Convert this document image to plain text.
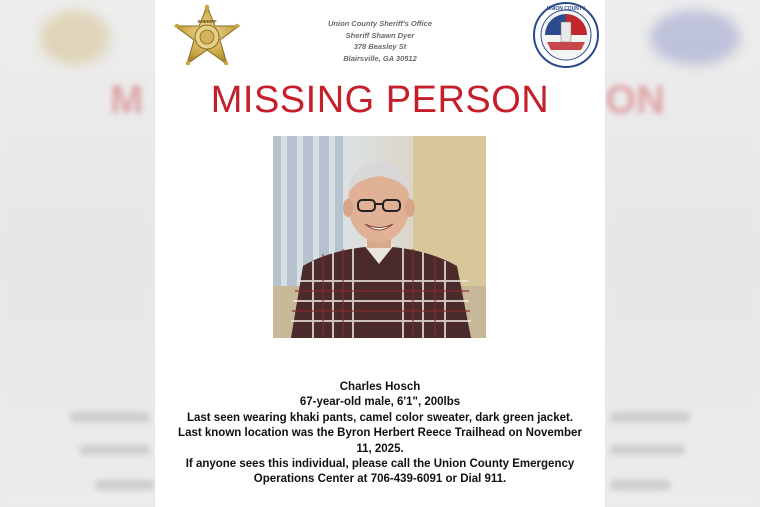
M	ON
SHERIFF	Union County Sheriff's Office
Sheriff Shawn Dyer
378 Beasley St
Blairsville, GA 30512
UNION COUNTY
MISSING PERSON
Charles Hosch
67-year-old male, 6'1", 200lbs
Last seen wearing khaki pants, camel color sweater, dark green jacket.
Last known location was the Byron Herbert Reece Trailhead on November 11, 2025.
If anyone sees this individual, please call the Union County Emergency Operations Center at 706-439-6091 or Dial 911.
